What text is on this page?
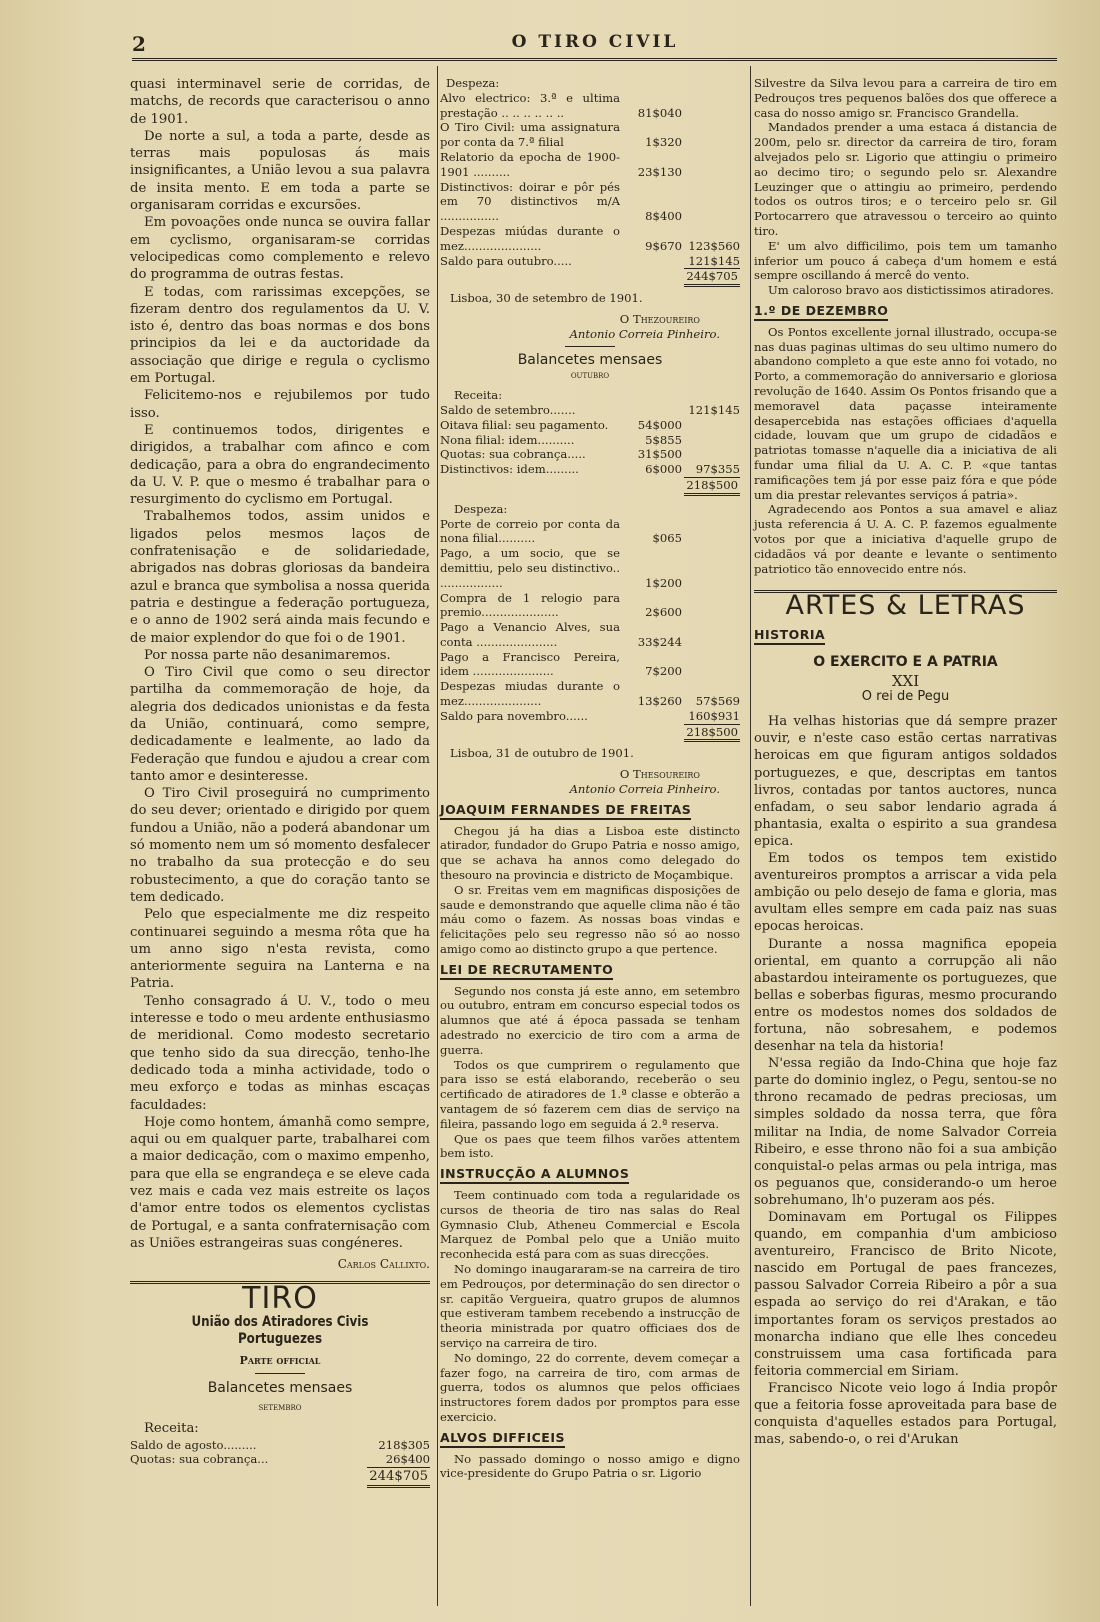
2	O TIRO CIVIL

quasi interminavel serie de corridas, de matchs, de records que caracterisou o anno de 1901.

De norte a sul, a toda a parte, desde as terras mais populosas ás mais insignificantes, a União levou a sua palavra de insita mento. E em toda a parte se organisaram corridas e excursões.

Em povoações onde nunca se ouvira fallar em cyclismo, organisaram-se corridas velocipedicas como complemento e relevo do programma de outras festas.

E todas, com rarissimas excepções, se fizeram dentro dos regulamentos da U. V. isto é, dentro das boas normas e dos bons principios da lei e da auctoridade da associação que dirige e regula o cyclismo em Portugal.

Felicitemo-nos e rejubilemos por tudo isso.

E continuemos todos, dirigentes e dirigidos, a trabalhar com afinco e com dedicação, para a obra do engrandecimento da U. V. P. que o mesmo é trabalhar para o resurgimento do cyclismo em Portugal.

Trabalhemos todos, assim unidos e ligados pelos mesmos laços de confratenisação e de solidariedade, abrigados nas dobras gloriosas da bandeira azul e branca que symbolisa a nossa querida patria e destingue a federação portugueza, e o anno de 1902 será ainda mais fecundo e de maior explendor do que foi o de 1901.

Por nossa parte não desanimaremos.

O Tiro Civil que como o seu director partilha da commemoração de hoje, da alegria dos dedicados unionistas e da festa da União, continuará, como sempre, dedicadamente e lealmente, ao lado da Federação que fundou e ajudou a crear com tanto amor e desinteresse.

O Tiro Civil proseguirá no cumprimento do seu dever; orientado e dirigido por quem fundou a União, não a poderá abandonar um só momento nem um só momento desfalecer no trabalho da sua protecção e do seu robustecimento, a que do coração tanto se tem dedicado.

Pelo que especialmente me diz respeito continuarei seguindo a mesma rôta que ha um anno sigo n'esta revista, como anteriormente seguira na Lanterna e na Patria.

Tenho consagrado á U. V., todo o meu interesse e todo o meu ardente enthusiasmo de meridional. Como modesto secretario que tenho sido da sua direcção, tenho-lhe dedicado toda a minha actividade, todo o meu exforço e todas as minhas escaças faculdades:

Hoje como hontem, ámanhã como sempre, aqui ou em qualquer parte, trabalharei com a maior dedicação, com o maximo empenho, para que ella se engrandeça e se eleve cada vez mais e cada vez mais estreite os laços d'amor entre todos os elementos cyclistas de Portugal, e a santa confraternisação com as Uniões estrangeiras suas congéneres.

Carlos Callixto.
TIRO
União dos Atiradores Civis Portuguezes
Parte official
Balancetes mensaes
setembro
Receita:
Saldo de agosto.........	218$305
Quotas: sua cobrança...	26$400
244$705
Despeza:
Alvo electrico: 3.ª e ultima prestação .. .. .. .. .. ..	81$040	
O Tiro Civil: uma assignatura por conta da 7.ª filial	1$320	
Relatorio da epocha de 1900-1901 ..........	23$130	
Distinctivos: doirar e pôr pés em 70 distinctivos m/A ................	8$400	
Despezas miúdas durante o mez.....................	9$670	123$560
Saldo para outubro.....		121$145
244$705
Lisboa, 30 de setembro de 1901.
O Thezoureiro
Antonio Correia Pinheiro.
Balancetes mensaes
outubro
Receita:
Saldo de setembro.......		121$145
Oitava filial: seu pagamento.	54$000	
Nona filial: idem..........	5$855	
Quotas: sua cobrança.....	31$500	
Distinctivos: idem.........	6$000	97$355
218$500
Despeza:
Porte de correio por conta da nona filial..........	$065	
Pago, a um socio, que se demittiu, pelo seu distinctivo.. .................	1$200	
Compra de 1 relogio para premio.....................	2$600	
Pago a Venancio Alves, sua conta ......................	33$244	
Pago a Francisco Pereira, idem ......................	7$200	
Despezas miudas durante o mez.....................	13$260	57$569
Saldo para novembro......		160$931
218$500
Lisboa, 31 de outubro de 1901.
O Thesoureiro
Antonio Correia Pinheiro.
JOAQUIM FERNANDES DE FREITAS

Chegou já ha dias a Lisboa este distincto atirador, fundador do Grupo Patria e nosso amigo, que se achava ha annos como delegado do thesouro na provincia e districto de Moçambique.

O sr. Freitas vem em magnificas disposições de saude e demonstrando que aquelle clima não é tão máu como o fazem. As nossas boas vindas e felicitações pelo seu regresso não só ao nosso amigo como ao distincto grupo a que pertence.

LEI DE RECRUTAMENTO

Segundo nos consta já este anno, em setembro ou outubro, entram em concurso especial todos os alumnos que até á época passada se tenham adestrado no exercicio de tiro com a arma de guerra.

Todos os que cumprirem o regulamento que para isso se está elaborando, receberão o seu certificado de atiradores de 1.ª classe e obterão a vantagem de só fazerem cem dias de serviço na fileira, passando logo em seguida á 2.ª reserva.

Que os paes que teem filhos varões attentem bem isto.

INSTRUCÇÃO A ALUMNOS

Teem continuado com toda a regularidade os cursos de theoria de tiro nas salas do Real Gymnasio Club, Atheneu Commercial e Escola Marquez de Pombal pelo que a União muito reconhecida está para com as suas direcções.

No domingo inaugararam-se na carreira de tiro em Pedrouços, por determinação do sen director o sr. capitão Vergueira, quatro grupos de alumnos que estiveram tambem recebendo a instrucção de theoria ministrada por quatro officiaes dos de serviço na carreira de tiro.

No domingo, 22 do corrente, devem começar a fazer fogo, na carreira de tiro, com armas de guerra, todos os alumnos que pelos officiaes instructores forem dados por promptos para esse exercicio.

ALVOS DIFFICEIS

No passado domingo o nosso amigo e digno vice-presidente do Grupo Patria o sr. Ligorio

Silvestre da Silva levou para a carreira de tiro em Pedrouços tres pequenos balões dos que offerece a casa do nosso amigo sr. Francisco Grandella.

Mandados prender a uma estaca á distancia de 200m, pelo sr. director da carreira de tiro, foram alvejados pelo sr. Ligorio que attingiu o primeiro ao decimo tiro; o segundo pelo sr. Alexandre Leuzinger que o attingiu ao primeiro, perdendo todos os outros tiros; e o terceiro pelo sr. Gil Portocarrero que atravessou o terceiro ao quinto tiro.

E' um alvo difficilimo, pois tem um tamanho inferior um pouco á cabeça d'um homem e está sempre oscillando á mercê do vento.

Um caloroso bravo aos distictissimos atiradores.

1.º DE DEZEMBRO

Os Pontos excellente jornal illustrado, occupa-se nas duas paginas ultimas do seu ultimo numero do abandono completo a que este anno foi votado, no Porto, a commemoração do anniversario e gloriosa revolução de 1640. Assim Os Pontos frisando que a memoravel data paçasse inteiramente desapercebida nas estações officiaes d'aquella cidade, louvam que um grupo de cidadãos e patriotas tomasse n'aquelle dia a iniciativa de ali fundar uma filial da U. A. C. P. «que tantas ramificações tem já por esse paiz fóra e que póde um dia prestar relevantes serviços á patria».

Agradecendo aos Pontos a sua amavel e aliaz justa referencia á U. A. C. P. fazemos egualmente votos por que a iniciativa d'aquelle grupo de cidadãos vá por deante e levante o sentimento patriotico tão ennovecido entre nós.

ARTES & LETRAS
HISTORIA
O EXERCITO E A PATRIA
XXI
O rei de Pegu

Ha velhas historias que dá sempre prazer ouvir, e n'este caso estão certas narrativas heroicas em que figuram antigos soldados portuguezes, e que, descriptas em tantos livros, contadas por tantos auctores, nunca enfadam, o seu sabor lendario agrada á phantasia, exalta o espirito a sua grandesa epica.

Em todos os tempos tem existido aventureiros promptos a arriscar a vida pela ambição ou pelo desejo de fama e gloria, mas avultam elles sempre em cada paiz nas suas epocas heroicas.

Durante a nossa magnifica epopeia oriental, em quanto a corrupção ali não abastardou inteiramente os portuguezes, que bellas e soberbas figuras, mesmo procurando entre os modestos nomes dos soldados de fortuna, não sobresahem, e podemos desenhar na tela da historia!

N'essa região da Indo-China que hoje faz parte do dominio inglez, o Pegu, sentou-se no throno recamado de pedras preciosas, um simples soldado da nossa terra, que fôra militar na India, de nome Salvador Correia Ribeiro, e esse throno não foi a sua ambição conquistal-o pelas armas ou pela intriga, mas os peguanos que, considerando-o um heroe sobrehumano, lh'o puzeram aos pés.

Dominavam em Portugal os Filippes quando, em companhia d'um ambicioso aventureiro, Francisco de Brito Nicote, nascido em Portugal de paes francezes, passou Salvador Correia Ribeiro a pôr a sua espada ao serviço do rei d'Arakan, e tão importantes foram os serviços prestados ao monarcha indiano que elle lhes concedeu construissem uma casa fortificada para feitoria commercial em Siriam.

Francisco Nicote veio logo á India propôr que a feitoria fosse aproveitada para base de conquista d'aquelles estados para Portugal, mas, sabendo-o, o rei d'Arukan
